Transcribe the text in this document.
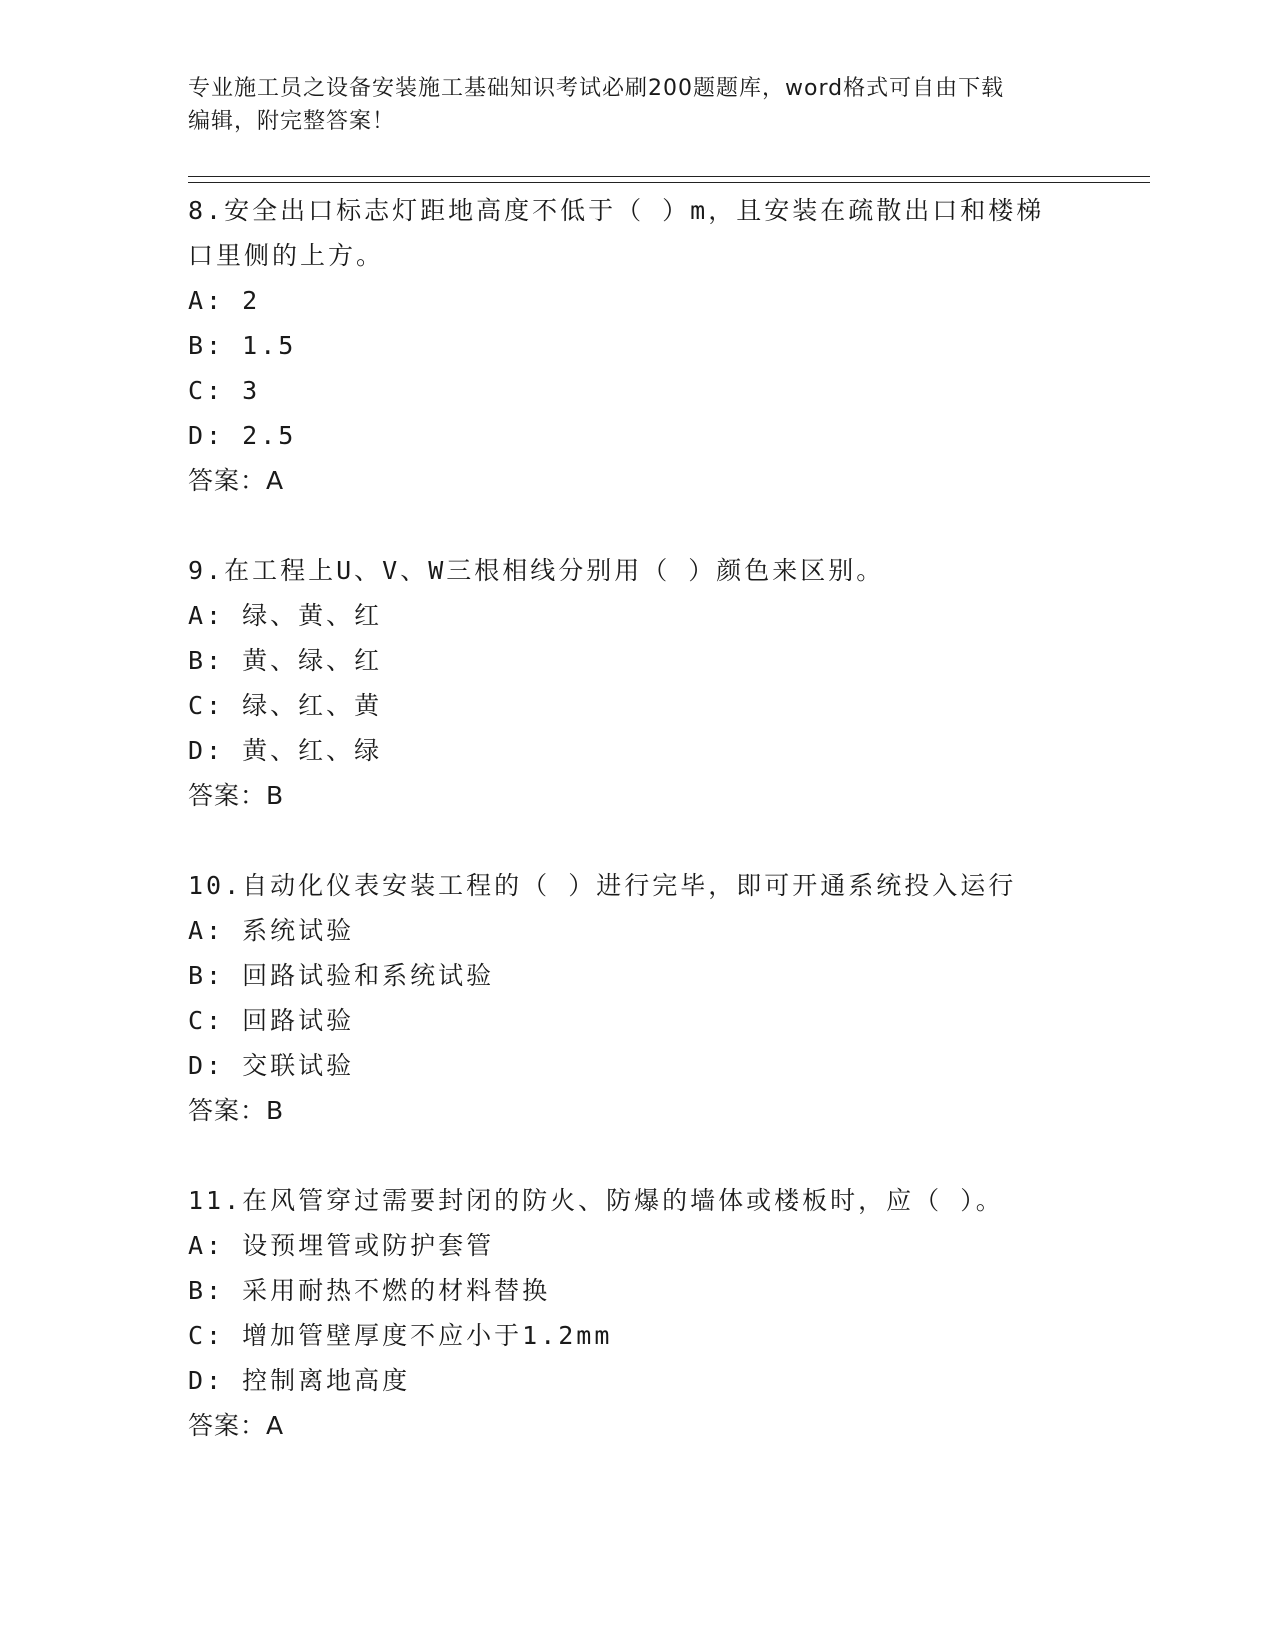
专业施工员之设备安装施工基础知识考试必刷200题题库，word格式可自由下载
编辑，附完整答案！
8.安全出口标志灯距地高度不低于（ ）m，且安装在疏散出口和楼梯
口里侧的上方。
A: 2
B: 1.5
C: 3
D: 2.5
答案：A
9.在工程上U、V、W三根相线分别用（ ）颜色来区别。
A: 绿、黄、红
B: 黄、绿、红
C: 绿、红、黄
D: 黄、红、绿
答案：B
10.自动化仪表安装工程的（ ）进行完毕，即可开通系统投入运行
A: 系统试验
B: 回路试验和系统试验
C: 回路试验
D: 交联试验
答案：B
11.在风管穿过需要封闭的防火、防爆的墙体或楼板时，应（ ）。
A: 设预埋管或防护套管
B: 采用耐热不燃的材料替换
C: 增加管壁厚度不应小于1.2mm
D: 控制离地高度
答案：A
